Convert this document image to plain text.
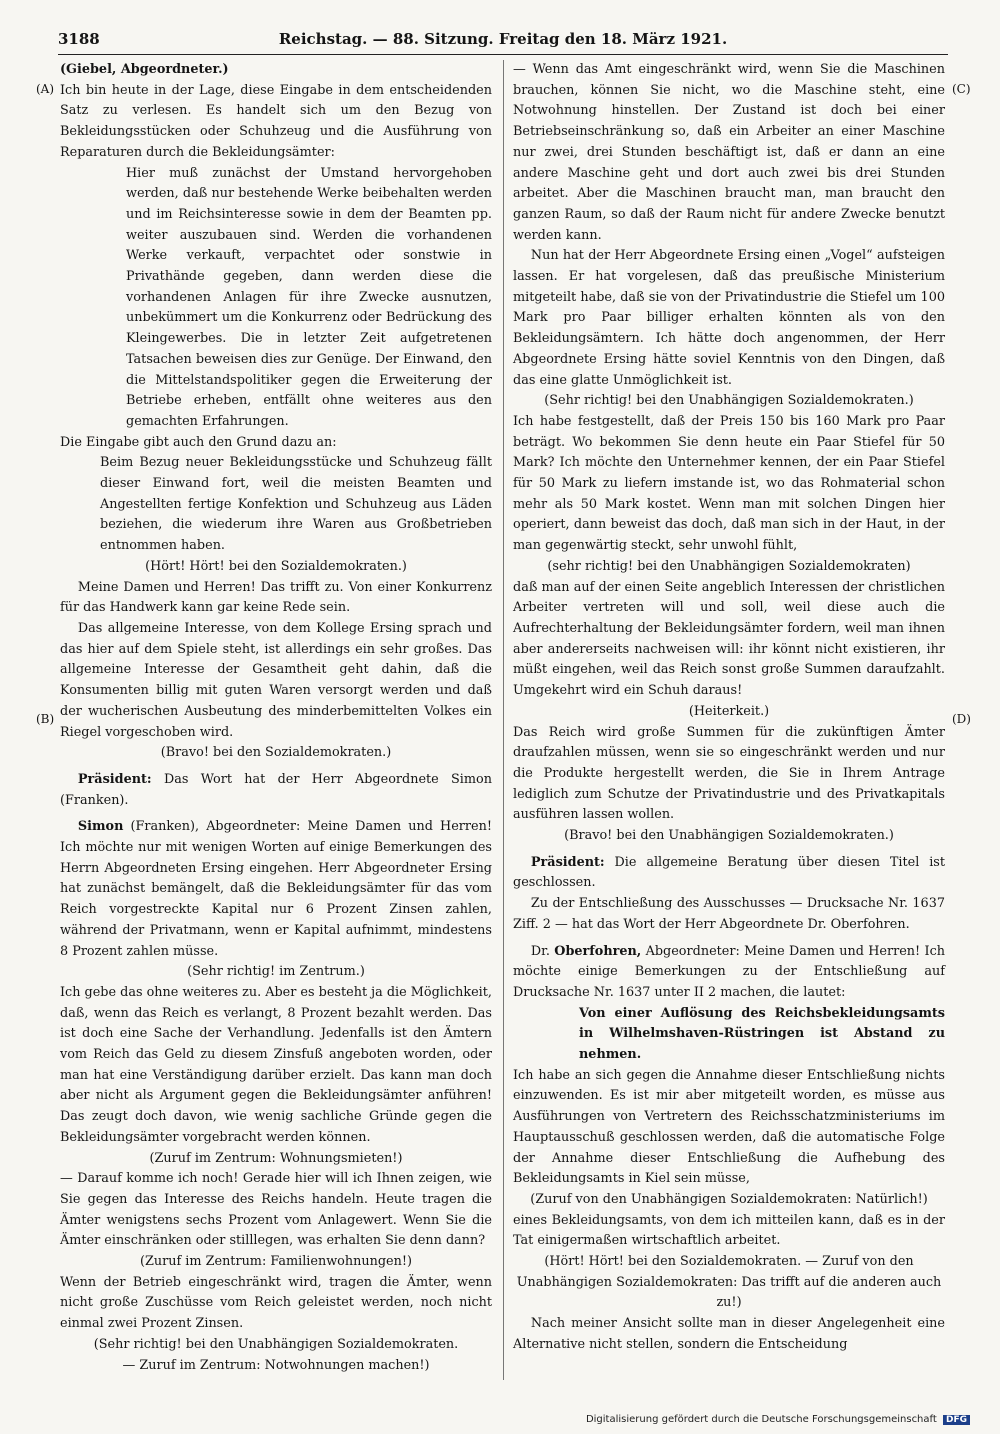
3188	Reichstag. — 88. Sitzung. Freitag den 18. März 1921.
(A)
(B)
(C)
(D)

(Giebel, Abgeordneter.)

Ich bin heute in der Lage, diese Eingabe in dem entscheidenden Satz zu verlesen. Es handelt sich um den Bezug von Bekleidungsstücken oder Schuhzeug und die Ausführung von Reparaturen durch die Bekleidungsämter:

Hier muß zunächst der Umstand hervorgehoben werden, daß nur bestehende Werke beibehalten werden und im Reichsinteresse sowie in dem der Beamten pp. weiter auszubauen sind. Werden die vorhandenen Werke verkauft, verpachtet oder sonstwie in Privathände gegeben, dann werden diese die vorhandenen Anlagen für ihre Zwecke ausnutzen, unbekümmert um die Konkurrenz oder Bedrückung des Kleingewerbes. Die in letzter Zeit aufgetretenen Tatsachen beweisen dies zur Genüge. Der Einwand, den die Mittelstandspolitiker gegen die Erweiterung der Betriebe erheben, entfällt ohne weiteres aus den gemachten Erfahrungen.

Die Eingabe gibt auch den Grund dazu an:

Beim Bezug neuer Bekleidungsstücke und Schuhzeug fällt dieser Einwand fort, weil die meisten Beamten und Angestellten fertige Konfektion und Schuhzeug aus Läden beziehen, die wiederum ihre Waren aus Großbetrieben entnommen haben.

(Hört! Hört! bei den Sozialdemokraten.)

Meine Damen und Herren! Das trifft zu. Von einer Konkurrenz für das Handwerk kann gar keine Rede sein.

Das allgemeine Interesse, von dem Kollege Ersing sprach und das hier auf dem Spiele steht, ist allerdings ein sehr großes. Das allgemeine Interesse der Gesamtheit geht dahin, daß die Konsumenten billig mit guten Waren versorgt werden und daß der wucherischen Ausbeutung des minderbemittelten Volkes ein Riegel vorgeschoben wird.

(Bravo! bei den Sozialdemokraten.)

Präsident: Das Wort hat der Herr Abgeordnete Simon (Franken).

Simon (Franken), Abgeordneter: Meine Damen und Herren! Ich möchte nur mit wenigen Worten auf einige Bemerkungen des Herrn Abgeordneten Ersing eingehen. Herr Abgeordneter Ersing hat zunächst bemängelt, daß die Bekleidungsämter für das vom Reich vorgestreckte Kapital nur 6 Prozent Zinsen zahlen, während der Privatmann, wenn er Kapital aufnimmt, mindestens 8 Prozent zahlen müsse.

(Sehr richtig! im Zentrum.)

Ich gebe das ohne weiteres zu. Aber es besteht ja die Möglichkeit, daß, wenn das Reich es verlangt, 8 Prozent bezahlt werden. Das ist doch eine Sache der Verhandlung. Jedenfalls ist den Ämtern vom Reich das Geld zu diesem Zinsfuß angeboten worden, oder man hat eine Verständigung darüber erzielt. Das kann man doch aber nicht als Argument gegen die Bekleidungsämter anführen! Das zeugt doch davon, wie wenig sachliche Gründe gegen die Bekleidungsämter vorgebracht werden können.

(Zuruf im Zentrum: Wohnungsmieten!)

— Darauf komme ich noch! Gerade hier will ich Ihnen zeigen, wie Sie gegen das Interesse des Reichs handeln. Heute tragen die Ämter wenigstens sechs Prozent vom Anlagewert. Wenn Sie die Ämter einschränken oder stilllegen, was erhalten Sie denn dann?

(Zuruf im Zentrum: Familienwohnungen!)

Wenn der Betrieb eingeschränkt wird, tragen die Ämter, wenn nicht große Zuschüsse vom Reich geleistet werden, noch nicht einmal zwei Prozent Zinsen.

(Sehr richtig! bei den Unabhängigen Sozialdemokraten.

— Zuruf im Zentrum: Notwohnungen machen!)

— Wenn das Amt eingeschränkt wird, wenn Sie die Maschinen brauchen, können Sie nicht, wo die Maschine steht, eine Notwohnung hinstellen. Der Zustand ist doch bei einer Betriebseinschränkung so, daß ein Arbeiter an einer Maschine nur zwei, drei Stunden beschäftigt ist, daß er dann an eine andere Maschine geht und dort auch zwei bis drei Stunden arbeitet. Aber die Maschinen braucht man, man braucht den ganzen Raum, so daß der Raum nicht für andere Zwecke benutzt werden kann.

Nun hat der Herr Abgeordnete Ersing einen „Vogel“ aufsteigen lassen. Er hat vorgelesen, daß das preußische Ministerium mitgeteilt habe, daß sie von der Privatindustrie die Stiefel um 100 Mark pro Paar billiger erhalten könnten als von den Bekleidungsämtern. Ich hätte doch angenommen, der Herr Abgeordnete Ersing hätte soviel Kenntnis von den Dingen, daß das eine glatte Unmöglichkeit ist.

(Sehr richtig! bei den Unabhängigen Sozialdemokraten.)

Ich habe festgestellt, daß der Preis 150 bis 160 Mark pro Paar beträgt. Wo bekommen Sie denn heute ein Paar Stiefel für 50 Mark? Ich möchte den Unternehmer kennen, der ein Paar Stiefel für 50 Mark zu liefern imstande ist, wo das Rohmaterial schon mehr als 50 Mark kostet. Wenn man mit solchen Dingen hier operiert, dann beweist das doch, daß man sich in der Haut, in der man gegenwärtig steckt, sehr unwohl fühlt,

(sehr richtig! bei den Unabhängigen Sozialdemokraten)

daß man auf der einen Seite angeblich Interessen der christlichen Arbeiter vertreten will und soll, weil diese auch die Aufrechterhaltung der Bekleidungsämter fordern, weil man ihnen aber andererseits nachweisen will: ihr könnt nicht existieren, ihr müßt eingehen, weil das Reich sonst große Summen daraufzahlt. Umgekehrt wird ein Schuh daraus!

(Heiterkeit.)

Das Reich wird große Summen für die zukünftigen Ämter draufzahlen müssen, wenn sie so eingeschränkt werden und nur die Produkte hergestellt werden, die Sie in Ihrem Antrage lediglich zum Schutze der Privatindustrie und des Privatkapitals ausführen lassen wollen.

(Bravo! bei den Unabhängigen Sozialdemokraten.)

Präsident: Die allgemeine Beratung über diesen Titel ist geschlossen.

Zu der Entschließung des Ausschusses — Drucksache Nr. 1637 Ziff. 2 — hat das Wort der Herr Abgeordnete Dr. Oberfohren.

Dr. Oberfohren, Abgeordneter: Meine Damen und Herren! Ich möchte einige Bemerkungen zu der Entschließung auf Drucksache Nr. 1637 unter II 2 machen, die lautet:

Von einer Auflösung des Reichsbekleidungsamts in Wilhelmshaven-Rüstringen ist Abstand zu nehmen.

Ich habe an sich gegen die Annahme dieser Entschließung nichts einzuwenden. Es ist mir aber mitgeteilt worden, es müsse aus Ausführungen von Vertretern des Reichsschatzministeriums im Hauptausschuß geschlossen werden, daß die automatische Folge der Annahme dieser Entschließung die Aufhebung des Bekleidungsamts in Kiel sein müsse,

(Zuruf von den Unabhängigen Sozialdemokraten: Natürlich!)

eines Bekleidungsamts, von dem ich mitteilen kann, daß es in der Tat einigermaßen wirtschaftlich arbeitet.

(Hört! Hört! bei den Sozialdemokraten. — Zuruf von den Unabhängigen Sozialdemokraten: Das trifft auf die anderen auch zu!)

Nach meiner Ansicht sollte man in dieser Angelegenheit eine Alternative nicht stellen, sondern die Entscheidung

Digitalisierung gefördert durch die Deutsche Forschungsgemeinschaft DFG
